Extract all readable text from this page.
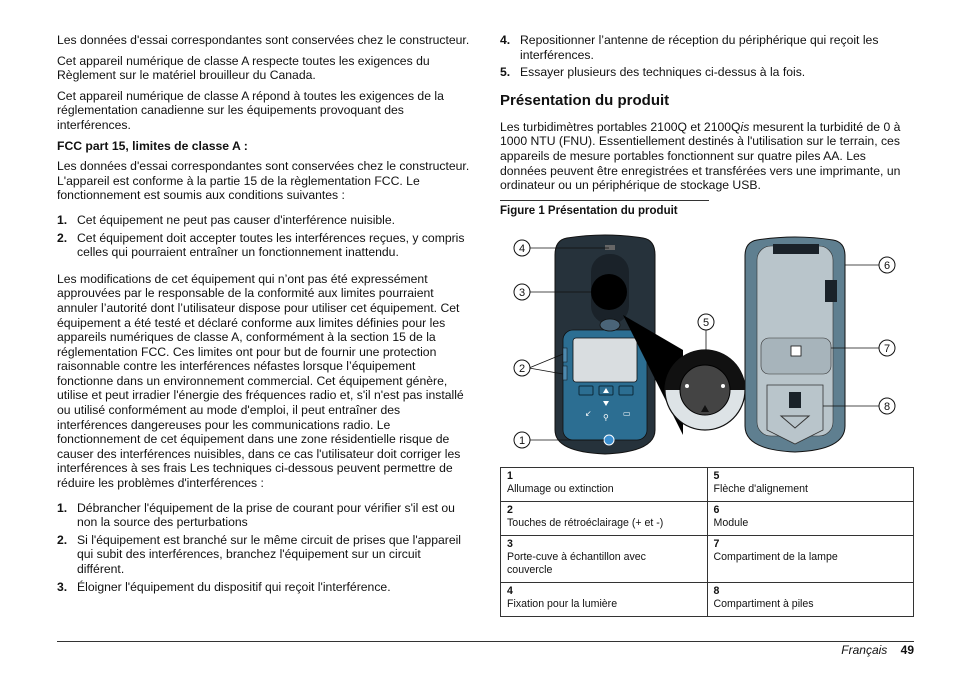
Les données d'essai correspondantes sont conservées chez le constructeur.

Cet appareil numérique de classe A respecte toutes les exigences du Règlement sur le matériel brouilleur du Canada.

Cet appareil numérique de classe A répond à toutes les exigences de la réglementation canadienne sur les équipements provoquant des interférences.

FCC part 15, limites de classe A :

Les données d'essai correspondantes sont conservées chez le constructeur. L'appareil est conforme à la partie 15 de la règlementation FCC. Le fonctionnement est soumis aux conditions suivantes :

1. Cet équipement ne peut pas causer d'interférence nuisible.
2. Cet équipement doit accepter toutes les interférences reçues, y compris celles qui pourraient entraîner un fonctionnement inattendu.

Les modifications de cet équipement qui n’ont pas été expressément approuvées par le responsable de la conformité aux limites pourraient annuler l’autorité dont l’utilisateur dispose pour utiliser cet équipement. Cet équipement a été testé et déclaré conforme aux limites définies pour les appareils numériques de classe A, conformément à la section 15 de la réglementation FCC. Ces limites ont pour but de fournir une protection raisonnable contre les interférences néfastes lorsque l’équipement fonctionne dans un environnement commercial. Cet équipement génère, utilise et peut irradier l'énergie des fréquences radio et, s'il n'est pas installé ou utilisé conformément au mode d'emploi, il peut entraîner des interférences dangereuses pour les communications radio. Le fonctionnement de cet équipement dans une zone résidentielle risque de causer des interférences nuisibles, dans ce cas l'utilisateur doit corriger les interférences à ses frais Les techniques ci-dessous peuvent permettre de réduire les problèmes d'interférences :

1. Débrancher l'équipement de la prise de courant pour vérifier s'il est ou non la source des perturbations
2. Si l'équipement est branché sur le même circuit de prises que l'appareil qui subit des interférences, branchez l'équipement sur un circuit différent.
3. Éloigner l'équipement du dispositif qui reçoit l'interférence.
4. Repositionner l’antenne de réception du périphérique qui reçoit les interférences.
5. Essayer plusieurs des techniques ci-dessus à la fois.
Présentation du produit

Les turbidimètres portables 2100Q et 2100Qis mesurent la turbidité de 0 à 1000 NTU (FNU). Essentiellement destinés à l'utilisation sur le terrain, ces appareils de mesure portables fonctionnent sur quatre piles AA. Les données peuvent être enregistrées et transférées vers une imprimante, un ordinateur ou un périphérique de stockage USB.

Figure 1 Présentation du produit
↙ ⚲ ▭
4
3
2
1
5
6
7
8
1Allumage ou extinction	5Flèche d'alignement
2Touches de rétroéclairage (+ et -)	6Module
3Porte-cuve à échantillon avec couvercle	7Compartiment de la lampe
4Fixation pour la lumière	8Compartiment à piles
Français 49
